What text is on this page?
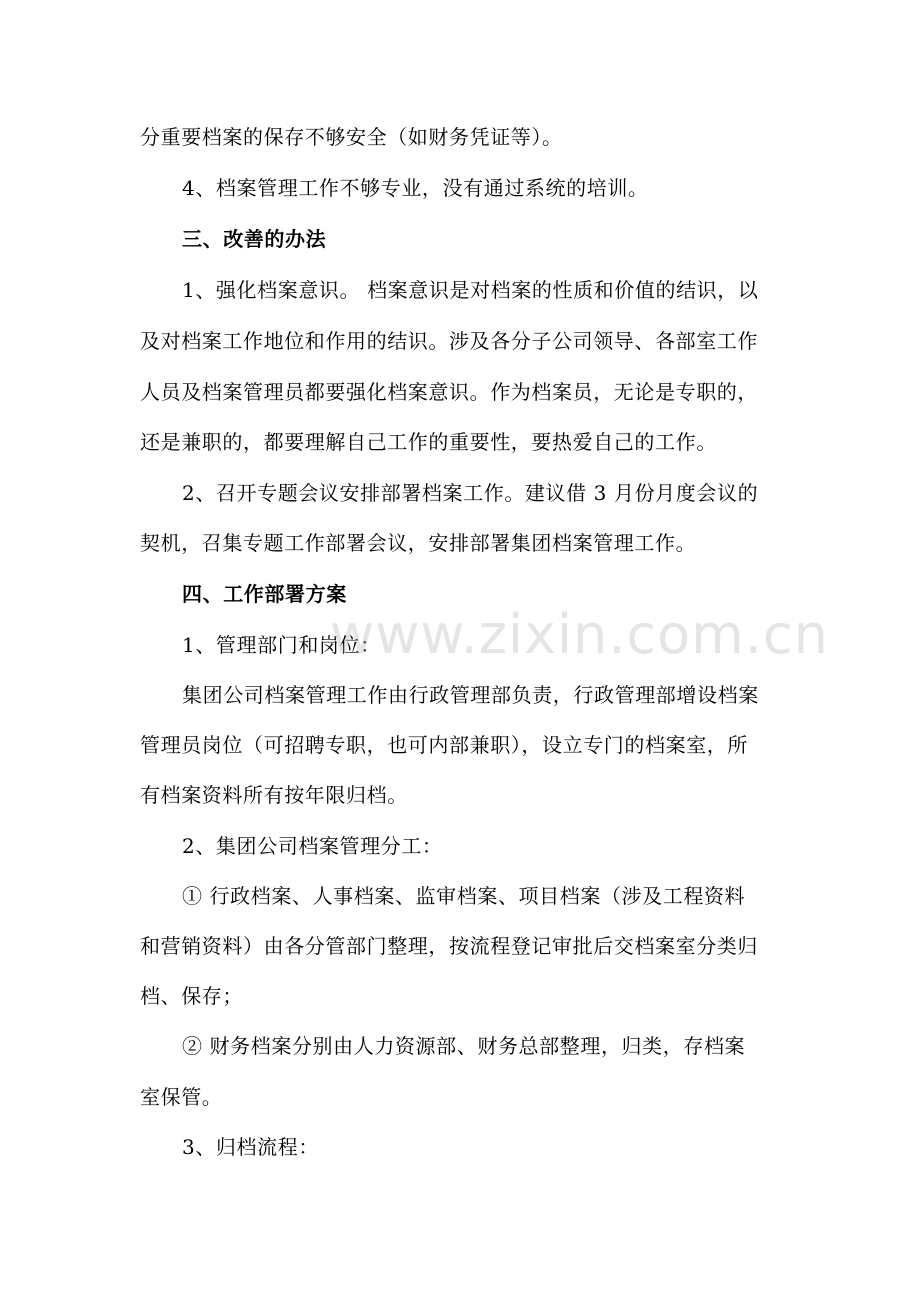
分重要档案的保存不够安全（如财务凭证等）。
4、档案管理工作不够专业，没有通过系统的培训。
三、改善的办法
1、强化档案意识。 档案意识是对档案的性质和价值的结识，以
及对档案工作地位和作用的结识。涉及各分子公司领导、各部室工作
人员及档案管理员都要强化档案意识。作为档案员，无论是专职的，
还是兼职的，都要理解自己工作的重要性，要热爱自己的工作。
2、召开专题会议安排部署档案工作。建议借 3 月份月度会议的
契机，召集专题工作部署会议，安排部署集团档案管理工作。
四、工作部署方案
1、管理部门和岗位：
集团公司档案管理工作由行政管理部负责，行政管理部增设档案
管理员岗位（可招聘专职，也可内部兼职），设立专门的档案室，所
有档案资料所有按年限归档。
2、集团公司档案管理分工：
① 行政档案、人事档案、监审档案、项目档案（涉及工程资料
和营销资料）由各分管部门整理，按流程登记审批后交档案室分类归
档、保存；
② 财务档案分别由人力资源部、财务总部整理，归类，存档案
室保管。
3、归档流程：
www.zixin.com.cn
